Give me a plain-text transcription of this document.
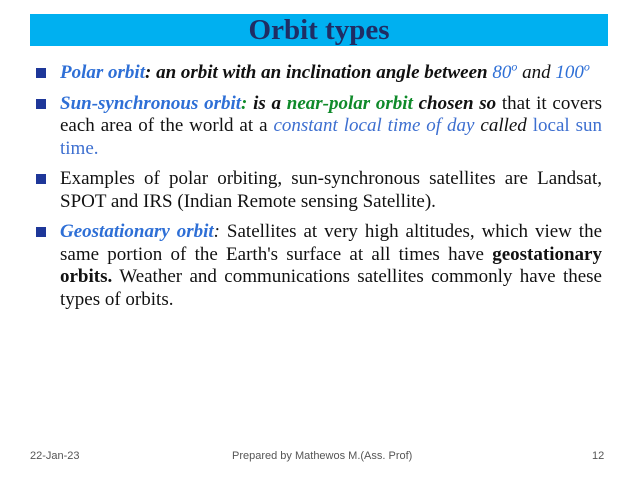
Orbit types
Polar orbit: an orbit with an inclination angle between 80$^o$ and 100$^o$
Sun-synchronous orbit: is a near-polar orbit chosen so that it covers each area of the world at a constant local time of day called local sun time.
Examples of polar orbiting, sun-synchronous satellites are Landsat, SPOT and IRS (Indian Remote sensing Satellite).
Geostationary orbit: Satellites at very high altitudes, which view the same portion of the Earth's surface at all times have geostationary orbits. Weather and communications satellites commonly have these types of orbits.
22-Jan-23	Prepared by Mathewos M.(Ass. Prof)	12
